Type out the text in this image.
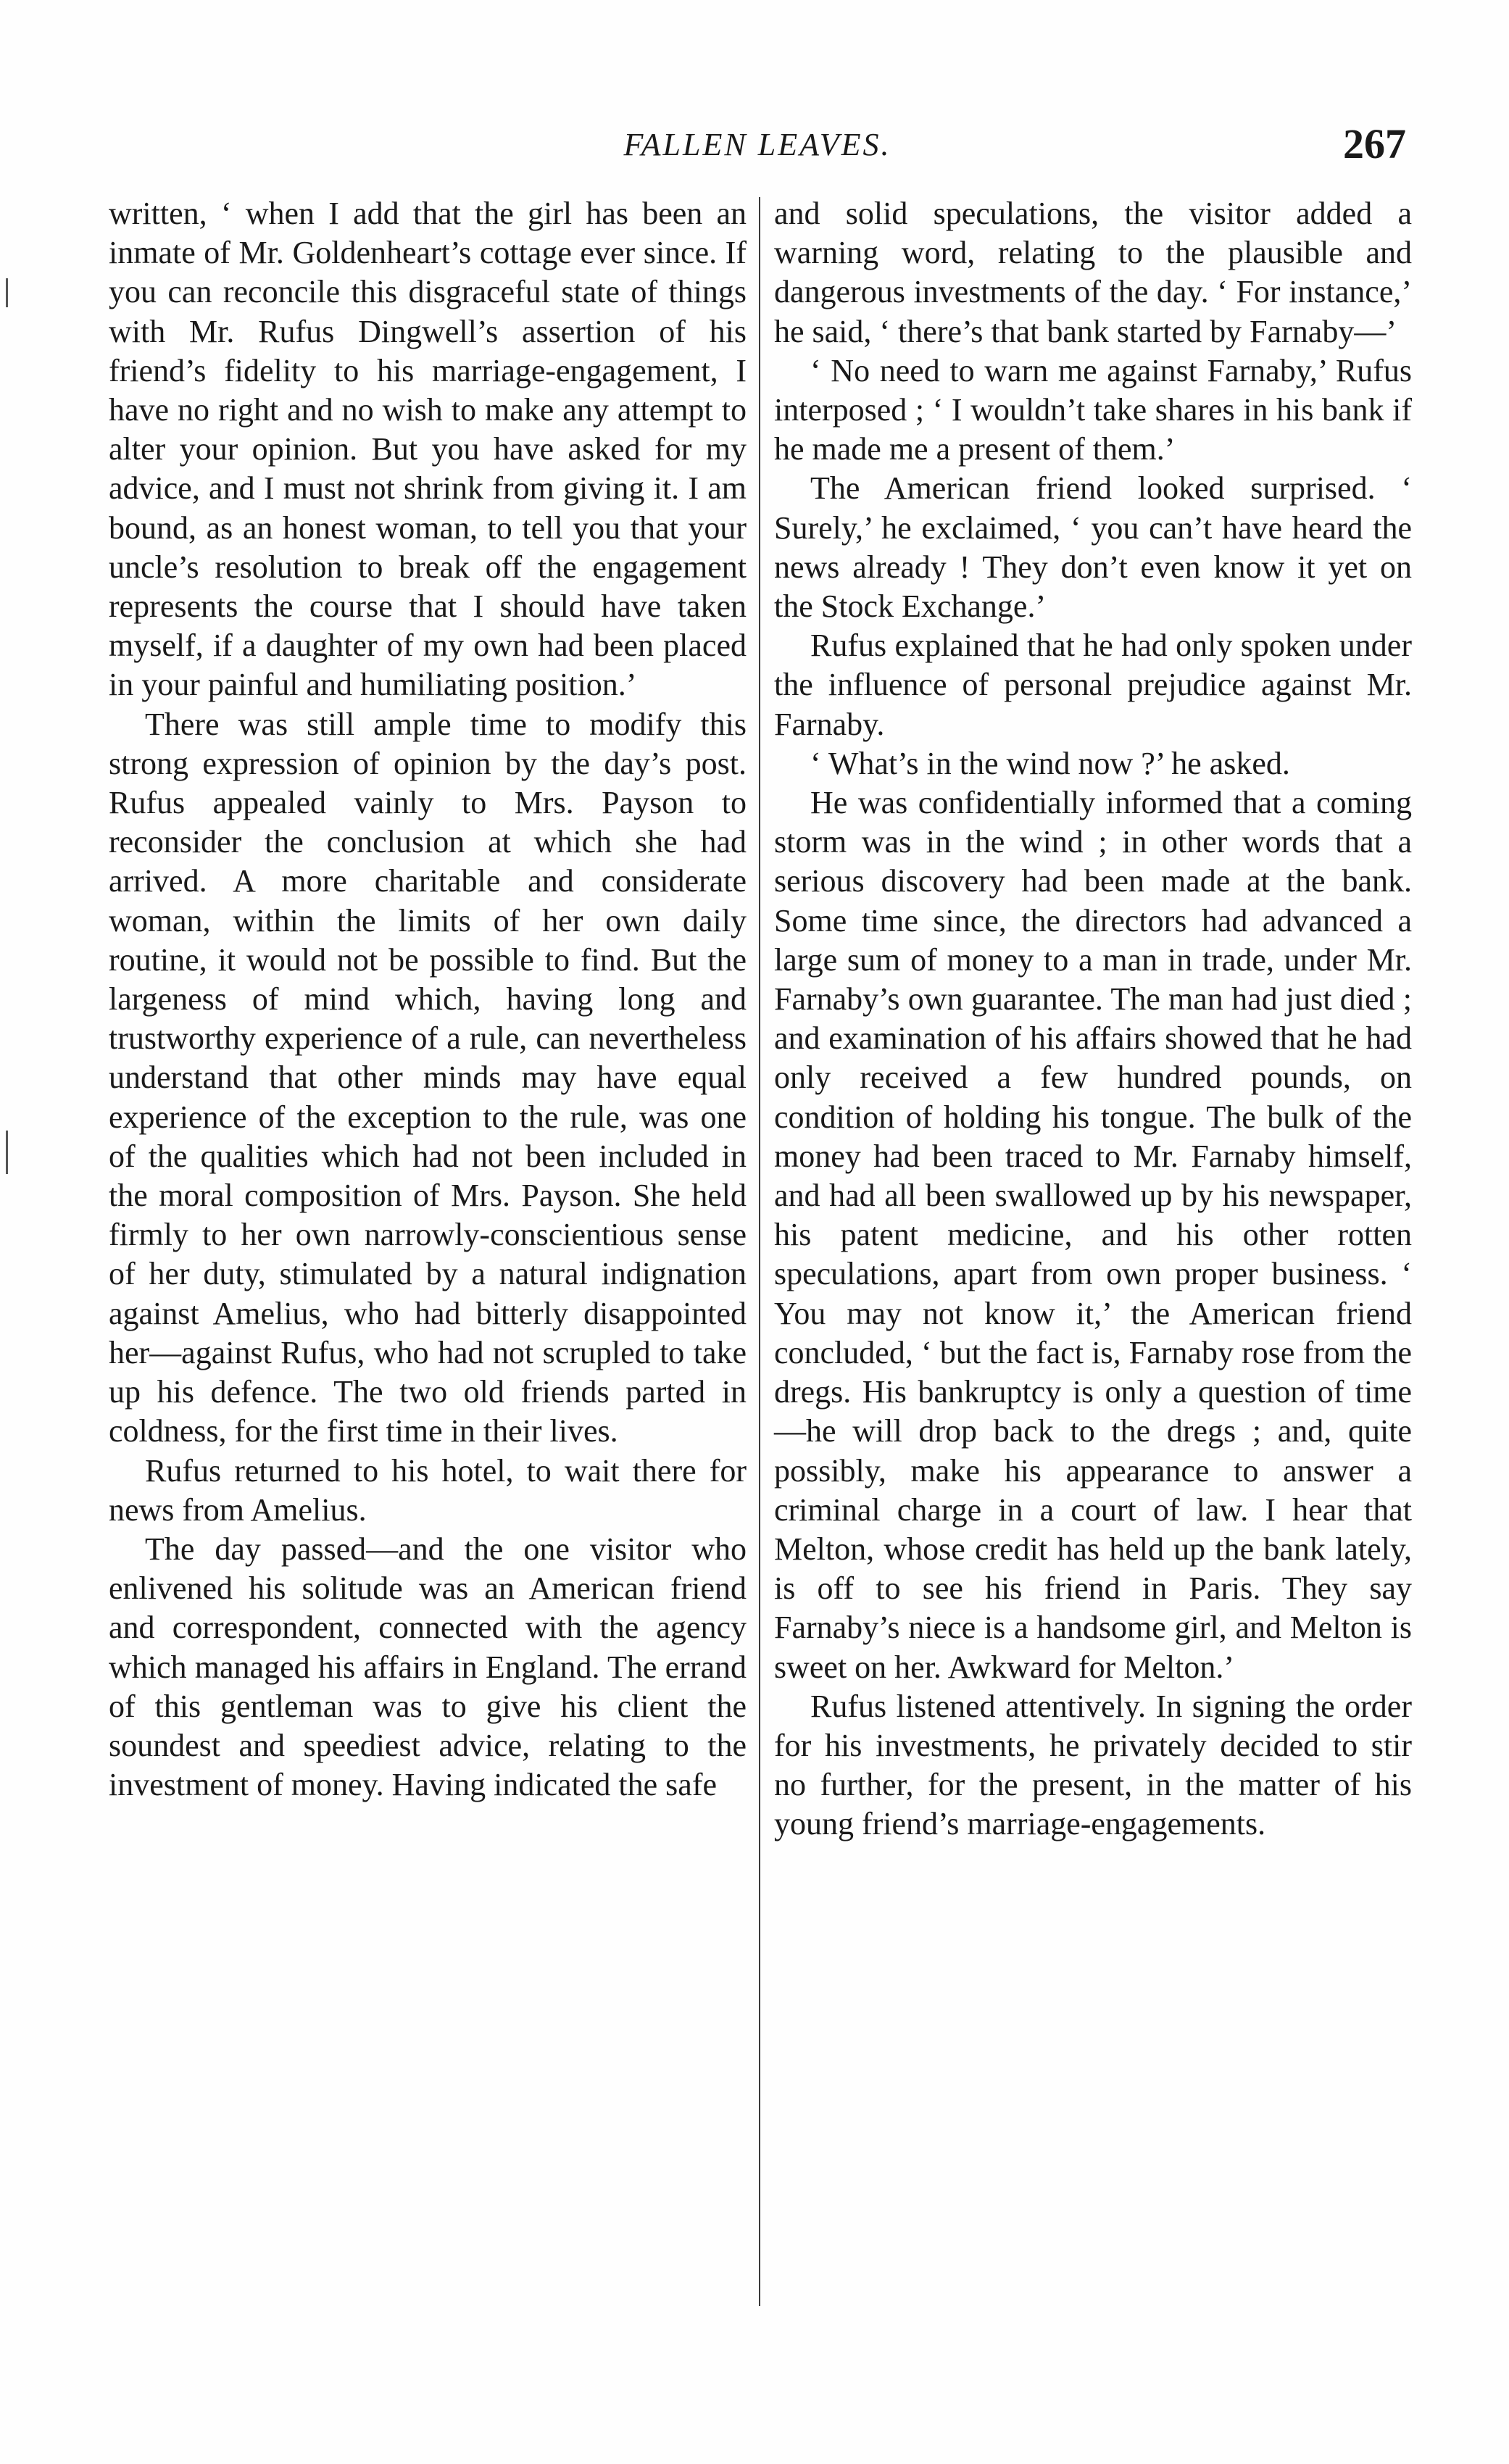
FALLEN LEAVES.	267

written, ‘ when I add that the girl has been an inmate of Mr. Goldenheart’s cottage ever since. If you can reconcile this disgraceful state of things with Mr. Rufus Dingwell’s assertion of his friend’s fidelity to his marriage-engagement, I have no right and no wish to make any attempt to alter your opinion. But you have asked for my advice, and I must not shrink from giving it. I am bound, as an honest woman, to tell you that your uncle’s resolution to break off the engagement represents the course that I should have taken myself, if a daughter of my own had been placed in your painful and humiliating position.’

There was still ample time to modify this strong expression of opinion by the day’s post. Rufus appealed vainly to Mrs. Payson to reconsider the conclusion at which she had arrived. A more charitable and considerate woman, within the limits of her own daily routine, it would not be possible to find. But the largeness of mind which, having long and trustworthy experience of a rule, can nevertheless understand that other minds may have equal experience of the exception to the rule, was one of the qualities which had not been included in the moral composition of Mrs. Payson. She held firmly to her own narrowly-conscientious sense of her duty, stimulated by a natural indignation against Amelius, who had bitterly disappointed her—against Rufus, who had not scrupled to take up his defence. The two old friends parted in coldness, for the first time in their lives.

Rufus returned to his hotel, to wait there for news from Amelius.

The day passed—and the one visitor who enlivened his solitude was an American friend and correspondent, connected with the agency which managed his affairs in England. The errand of this gentleman was to give his client the soundest and speediest advice, relating to the investment of money. Having indicated the safe

and solid speculations, the visitor added a warning word, relating to the plausible and dangerous investments of the day. ‘ For instance,’ he said, ‘ there’s that bank started by Farnaby—’

‘ No need to warn me against Farnaby,’ Rufus interposed ; ‘ I wouldn’t take shares in his bank if he made me a present of them.’

The American friend looked surprised. ‘ Surely,’ he exclaimed, ‘ you can’t have heard the news already ! They don’t even know it yet on the Stock Exchange.’

Rufus explained that he had only spoken under the influence of personal prejudice against Mr. Farnaby.

‘ What’s in the wind now ?’ he asked.

He was confidentially informed that a coming storm was in the wind ; in other words that a serious discovery had been made at the bank. Some time since, the directors had advanced a large sum of money to a man in trade, under Mr. Farnaby’s own guarantee. The man had just died ; and examination of his affairs showed that he had only received a few hundred pounds, on condition of holding his tongue. The bulk of the money had been traced to Mr. Farnaby himself, and had all been swallowed up by his newspaper, his patent medicine, and his other rotten speculations, apart from own proper business. ‘ You may not know it,’ the American friend concluded, ‘ but the fact is, Farnaby rose from the dregs. His bankruptcy is only a question of time—he will drop back to the dregs ; and, quite possibly, make his appearance to answer a criminal charge in a court of law. I hear that Melton, whose credit has held up the bank lately, is off to see his friend in Paris. They say Farnaby’s niece is a handsome girl, and Melton is sweet on her. Awkward for Melton.’

Rufus listened attentively. In signing the order for his investments, he privately decided to stir no further, for the present, in the matter of his young friend’s marriage-engagements.
